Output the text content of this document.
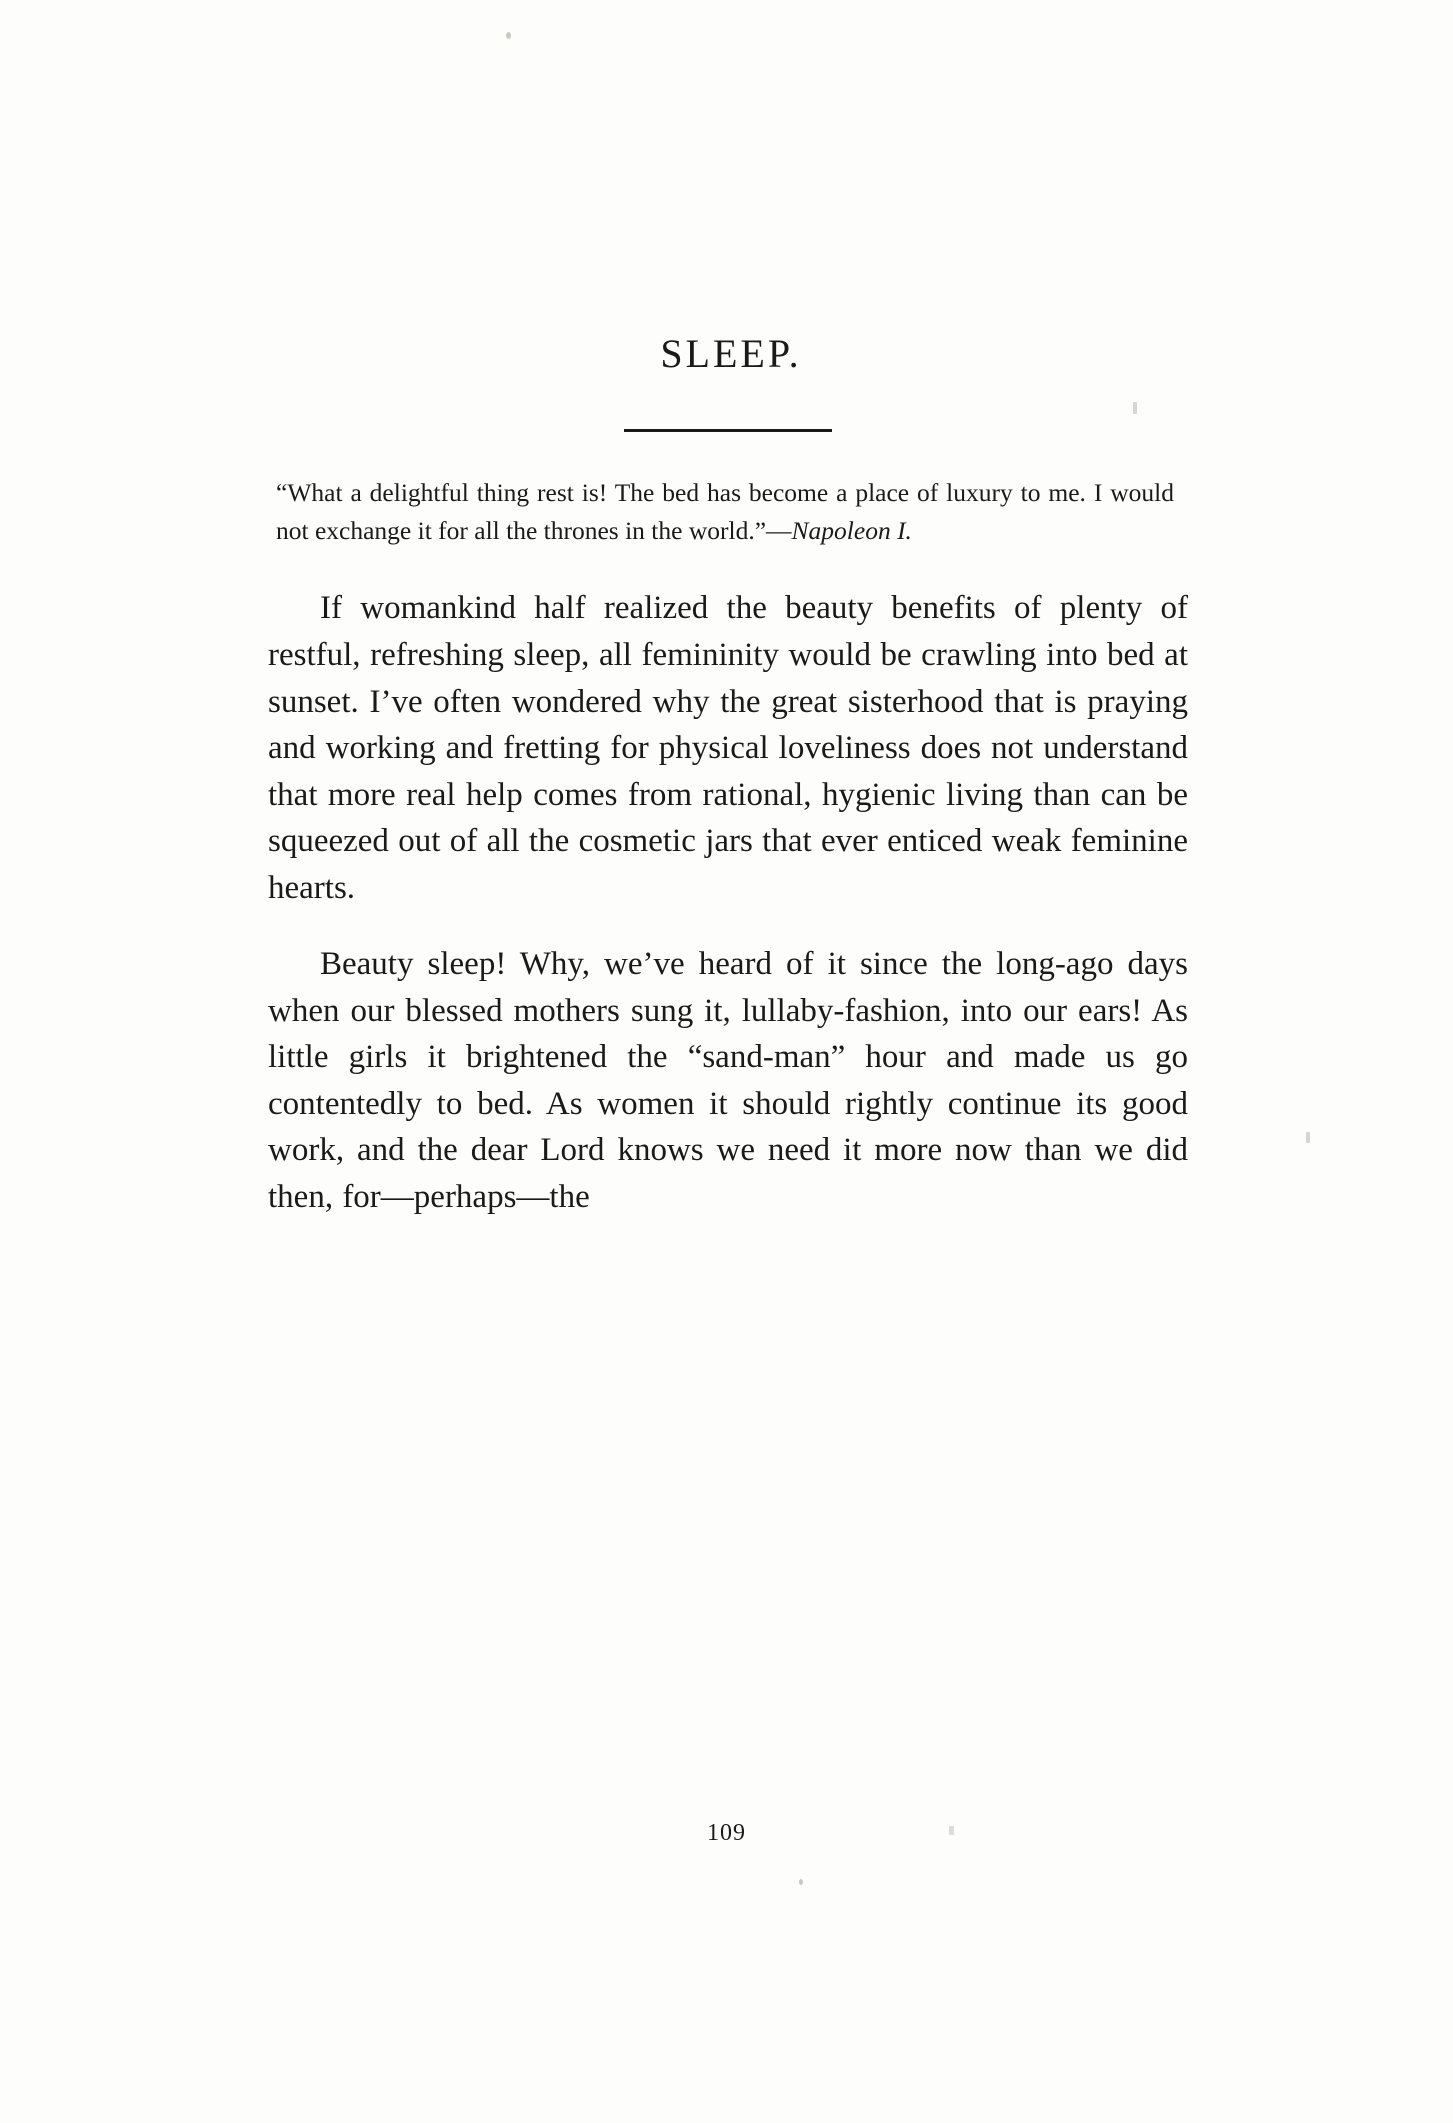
SLEEP.

“What a delightful thing rest is! The bed has become a place of luxury to me. I would not exchange it for all the thrones in the world.”—Napoleon I.

If womankind half realized the beauty benefits of plenty of restful, refreshing sleep, all femininity would be crawling into bed at sunset. I’ve often wondered why the great sisterhood that is praying and working and fretting for physical loveliness does not understand that more real help comes from rational, hygienic living than can be squeezed out of all the cosmetic jars that ever enticed weak feminine hearts.

Beauty sleep! Why, we’ve heard of it since the long-ago days when our blessed mothers sung it, lullaby-fashion, into our ears! As little girls it brightened the “sand-man” hour and made us go contentedly to bed. As women it should rightly continue its good work, and the dear Lord knows we need it more now than we did then, for—perhaps—the

109
